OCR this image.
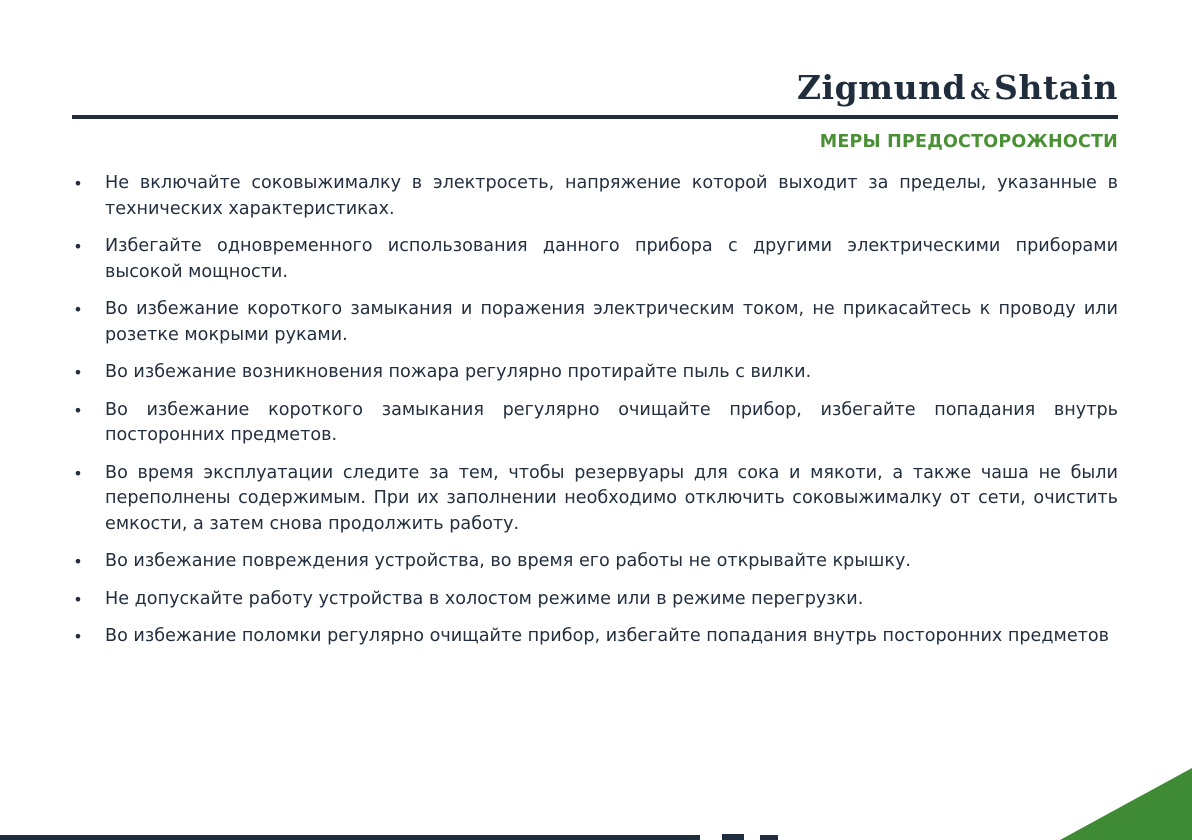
Zigmund & Shtain
МЕРЫ ПРЕДОСТОРОЖНОСТИ
• Не включайте соковыжималку в электросеть, напряжение которой выходит за пределы, указанные в технических характеристиках.
• Избегайте одновременного использования данного прибора с другими электрическими приборами высокой мощности.
• Во избежание короткого замыкания и поражения электрическим током, не прикасайтесь к проводу или розетке мокрыми руками.
• Во избежание возникновения пожара регулярно протирайте пыль с вилки.
• Во избежание короткого замыкания регулярно очищайте прибор, избегайте попадания внутрь посторонних предметов.
• Во время эксплуатации следите за тем, чтобы резервуары для сока и мякоти, а также чаша не были переполнены содержимым. При их заполнении необходимо отключить соковыжималку от сети, очистить емкости, а затем снова продолжить работу.
• Во избежание повреждения устройства, во время его работы не открывайте крышку.
• Не допускайте работу устройства в холостом режиме или в режиме перегрузки.
• Во избежание поломки регулярно очищайте прибор, избегайте попадания внутрь посторонних предметов
